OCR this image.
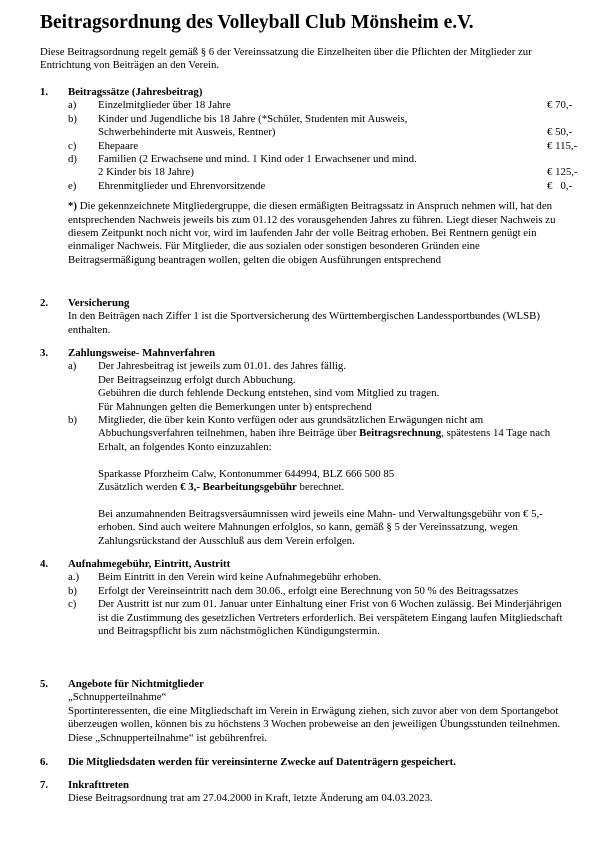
Beitragsordnung des Volleyball Club Mönsheim e.V.

Diese Beitragsordnung regelt gemäß § 6 der Vereinssatzung die Einzelheiten über die Pflichten der Mitglieder zur Entrichtung von Beiträgen an den Verein.

1. Beitragssätze (Jahresbeitrag)
a) Einzelmitglieder über 18 Jahre	€ 70,-
b) Kinder und Jugendliche bis 18 Jahre (*Schüler, Studenten mit Ausweis,
Schwerbehinderte mit Ausweis, Rentner)	€ 50,-
c) Ehepaare	€ 115,-
d) Familien (2 Erwachsene und mind. 1 Kind oder 1 Erwachsener und mind.
2 Kinder bis 18 Jahre)	€ 125,-
e) Ehrenmitglieder und Ehrenvorsitzende	€   0,-

*) Die gekennzeichnete Mitgliedergruppe, die diesen ermäßigten Beitragssatz in Anspruch nehmen will, hat den entsprechenden Nachweis jeweils bis zum 01.12 des vorausgehenden Jahres zu führen. Liegt dieser Nachweis zu diesem Zeitpunkt noch nicht vor, wird im laufenden Jahr der volle Beitrag erhoben. Bei Rentnern genügt ein einmaliger Nachweis. Für Mitglieder, die aus sozialen oder sonstigen besonderen Gründen eine Beitragsermäßigung beantragen wollen, gelten die obigen Ausführungen entsprechend

2. Versicherung

In den Beiträgen nach Ziffer 1 ist die Sportversicherung des Württembergischen Landessportbundes (WLSB) enthalten.

3. Zahlungsweise- Mahnverfahren
a) Der Jahresbeitrag ist jeweils zum 01.01. des Jahres fällig.
Der Beitragseinzug erfolgt durch Abbuchung.
Gebühren die durch fehlende Deckung entstehen, sind vom Mitglied zu tragen.
Für Mahnungen gelten die Bemerkungen unter b) entsprechend
b) Mitglieder, die über kein Konto verfügen oder aus grundsätzlichen Erwägungen nicht am Abbuchungsverfahren teilnehmen, haben ihre Beiträge über Beitragsrechnung, spätestens 14 Tage nach Erhalt, an folgendes Konto einzuzahlen:

Sparkasse Pforzheim Calw, Kontonummer 644994, BLZ 666 500 85

Zusätzlich werden € 3,- Bearbeitungsgebühr berechnet.

Bei anzumahnenden Beitragsversäumnissen wird jeweils eine Mahn- und Verwaltungsgebühr von € 5,- erhoben. Sind auch weitere Mahnungen erfolglos, so kann, gemäß § 5 der Vereinssatzung, wegen Zahlungsrückstand der Ausschluß aus dem Verein erfolgen.

4. Aufnahmegebühr, Eintritt, Austritt
a.) Beim Eintritt in den Verein wird keine Aufnahmegebühr erhoben.
b) Erfolgt der Vereinseintritt nach dem 30.06., erfolgt eine Berechnung von 50 % des Beitragssatzes
c) Der Austritt ist nur zum 01. Januar unter Einhaltung einer Frist von 6 Wochen zulässig. Bei Minderjährigen ist die Zustimmung des gesetzlichen Vertreters erforderlich. Bei verspätetem Eingang laufen Mitgliedschaft und Beitragspflicht bis zum nächstmöglichen Kündigungstermin.
5. Angebote für Nichtmitglieder

„Schnupperteilnahme“

Sportinteressenten, die eine Mitgliedschaft im Verein in Erwägung ziehen, sich zuvor aber von dem Sportangebot überzeugen wollen, können bis zu höchstens 3 Wochen probeweise an den jeweiligen Übungsstunden teilnehmen. Diese „Schnupperteilnahme“ ist gebührenfrei.

6. Die Mitgliedsdaten werden für vereinsinterne Zwecke auf Datenträgern gespeichert.
7. Inkrafttreten

Diese Beitragsordnung trat am 27.04.2000 in Kraft, letzte Änderung am 04.03.2023.
